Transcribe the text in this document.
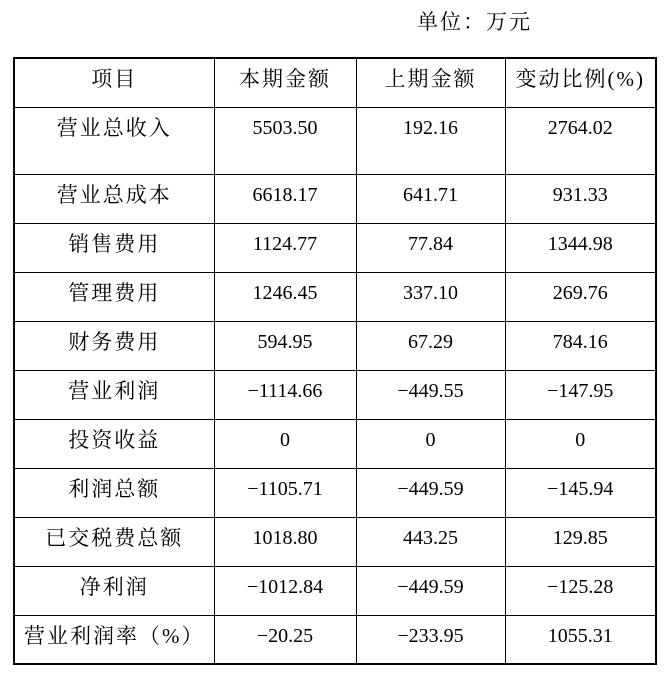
单位：万元
项目	本期金额	上期金额	变动比例(%)
营业总收入	5503.50	192.16	2764.02
营业总成本	6618.17	641.71	931.33
销售费用	1124.77	77.84	1344.98
管理费用	1246.45	337.10	269.76
财务费用	594.95	67.29	784.16
营业利润	−1114.66	−449.55	−147.95
投资收益	0	0	0
利润总额	−1105.71	−449.59	−145.94
已交税费总额	1018.80	443.25	129.85
净利润	−1012.84	−449.59	−125.28
营业利润率（%）	−20.25	−233.95	1055.31
